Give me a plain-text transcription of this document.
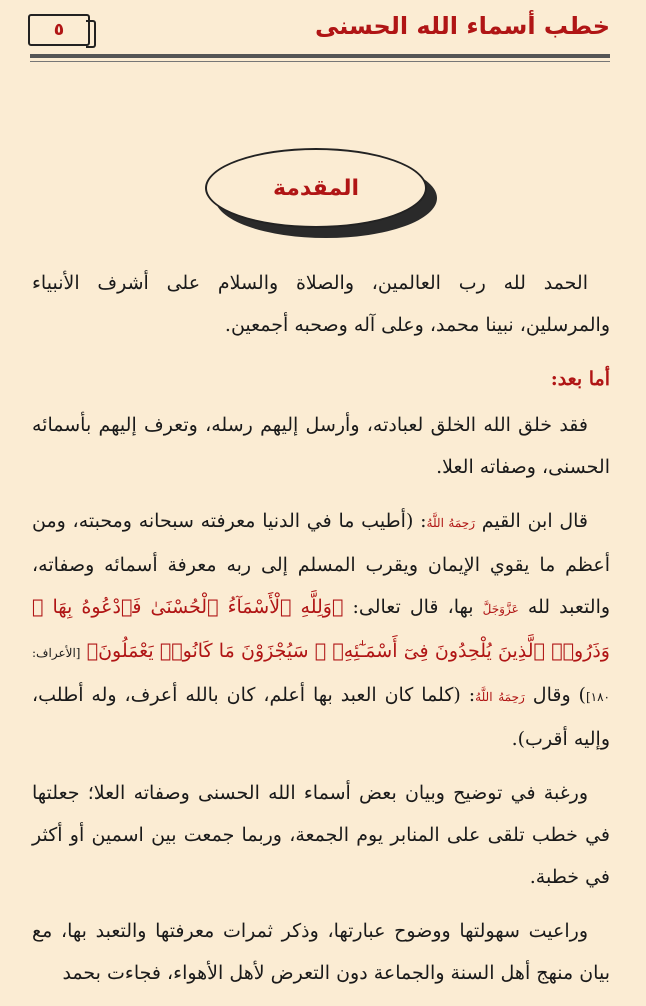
٥	خطب أسماء الله الحسنى
المقدمة

الحمد لله رب العالمين، والصلاة والسلام على أشرف الأنبياء والمرسلين، نبينا محمد، وعلى آله وصحبه أجمعين.

أما بعد:

فقد خلق الله الخلق لعبادته، وأرسل إليهم رسله، وتعرف إليهم بأسمائه الحسنى، وصفاته العلا.

قال ابن القيم رَحِمَهُ اللَّهُ: (أطيب ما في الدنيا معرفته سبحانه ومحبته، ومن أعظم ما يقوي الإيمان ويقرب المسلم إلى ربه معرفة أسمائه وصفاته، والتعبد لله عَزَّوَجَلَّ بها، قال تعالى: ﴿وَلِلَّهِ ٱلْأَسْمَآءُ ٱلْحُسْنَىٰ فَٱدْعُوهُ بِهَا ۖ وَذَرُوا۟ ٱلَّذِينَ يُلْحِدُونَ فِىٓ أَسْمَـٰٓئِهِۦ ۚ سَيُجْزَوْنَ مَا كَانُوا۟ يَعْمَلُونَ﴾ [الأعراف: ١٨٠]) وقال رَحِمَهُ اللَّهُ: (كلما كان العبد بها أعلم، كان بالله أعرف، وله أطلب، وإليه أقرب).

ورغبة في توضيح وبيان بعض أسماء الله الحسنى وصفاته العلا؛ جعلتها في خطب تلقى على المنابر يوم الجمعة، وربما جمعت بين اسمين أو أكثر في خطبة.

وراعيت سهولتها ووضوح عبارتها، وذكر ثمرات معرفتها والتعبد بها، مع بيان منهج أهل السنة والجماعة دون التعرض لأهل الأهواء، فجاءت بحمد
